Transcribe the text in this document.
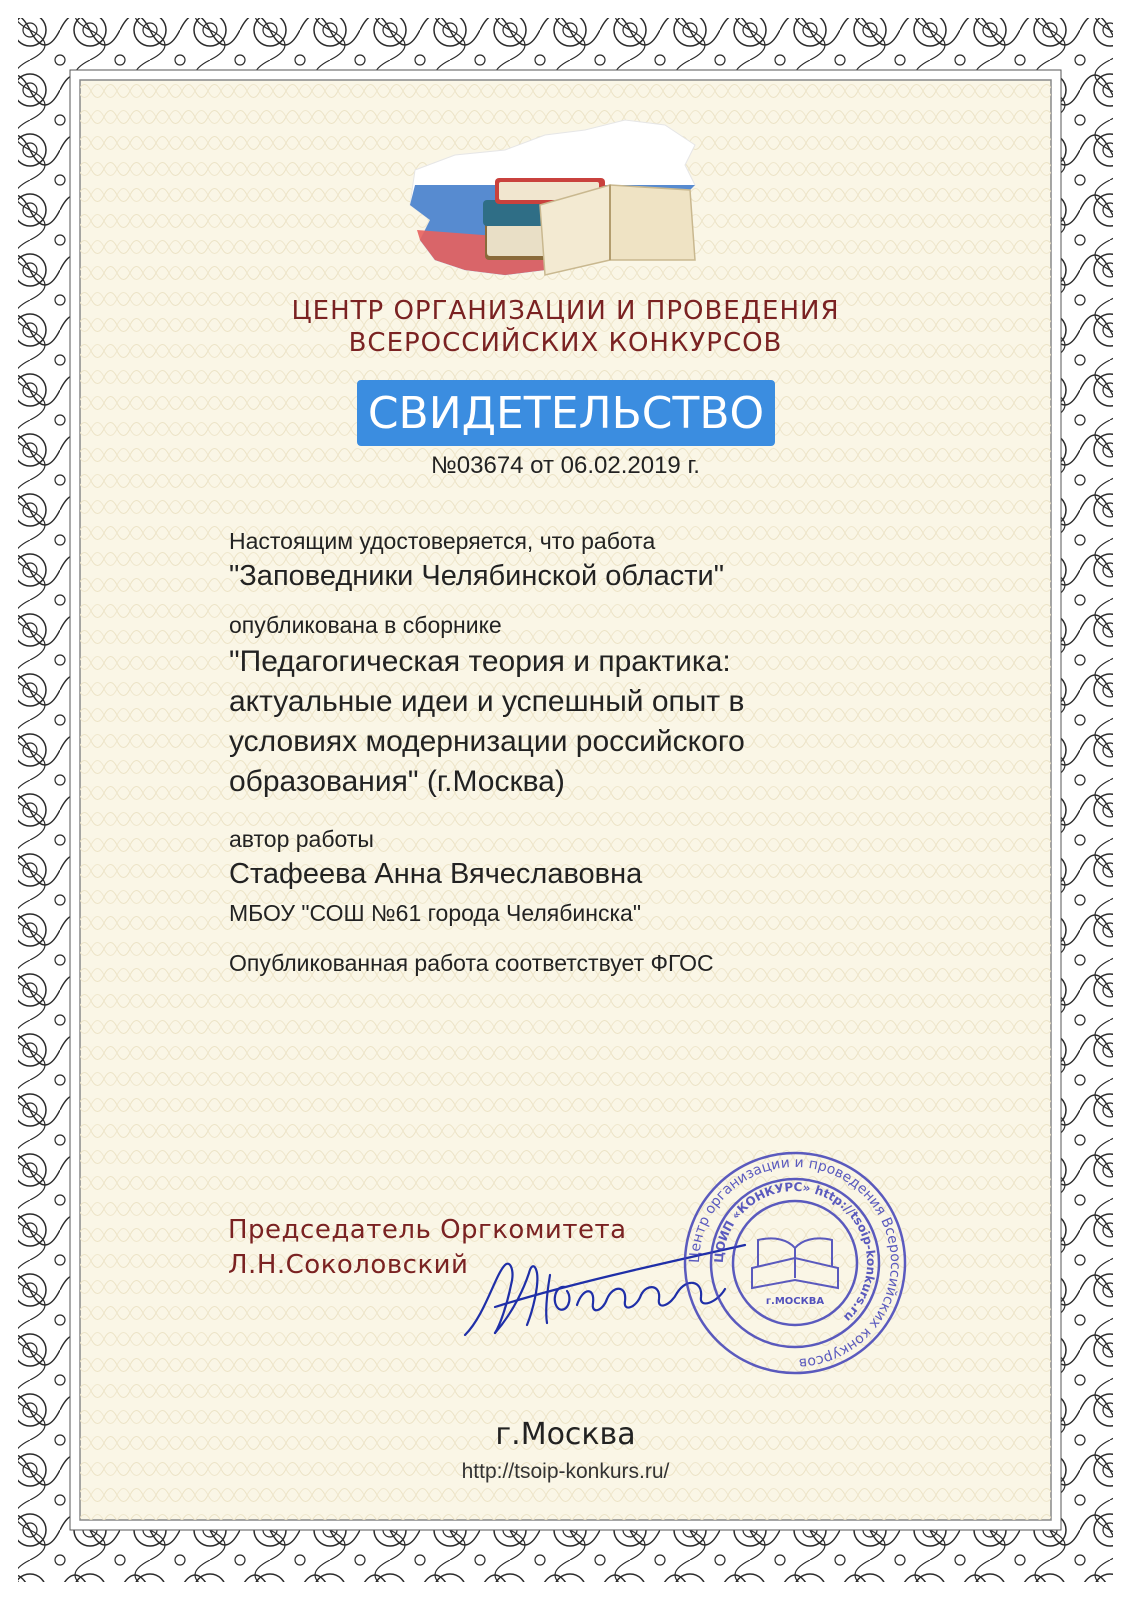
ЦЕНТР ОРГАНИЗАЦИИ И ПРОВЕДЕНИЯ
ВСЕРОССИЙСКИХ КОНКУРСОВ
СВИДЕТЕЛЬСТВО
№03674 от 06.02.2019 г.
Настоящим удостоверяется, что работа
"Заповедники Челябинской области"
опубликована в сборнике
"Педагогическая теория и практика:
актуальные идеи и успешный опыт в
условиях модернизации российского
образования" (г.Москва)
автор работы
Стафеева Анна Вячеславовна
МБОУ "СОШ №61 города Челябинска"
Опубликованная работа соответствует ФГОС
Председатель Оргкомитета
Л.Н.Соколовский	Центр организации и проведения Всероссийских конкурсов
ЦОИП «КОНКУРС» http://tsoip-konkurs.ru
г.МОСКВА
г.Москва
http://tsoip-konkurs.ru/
